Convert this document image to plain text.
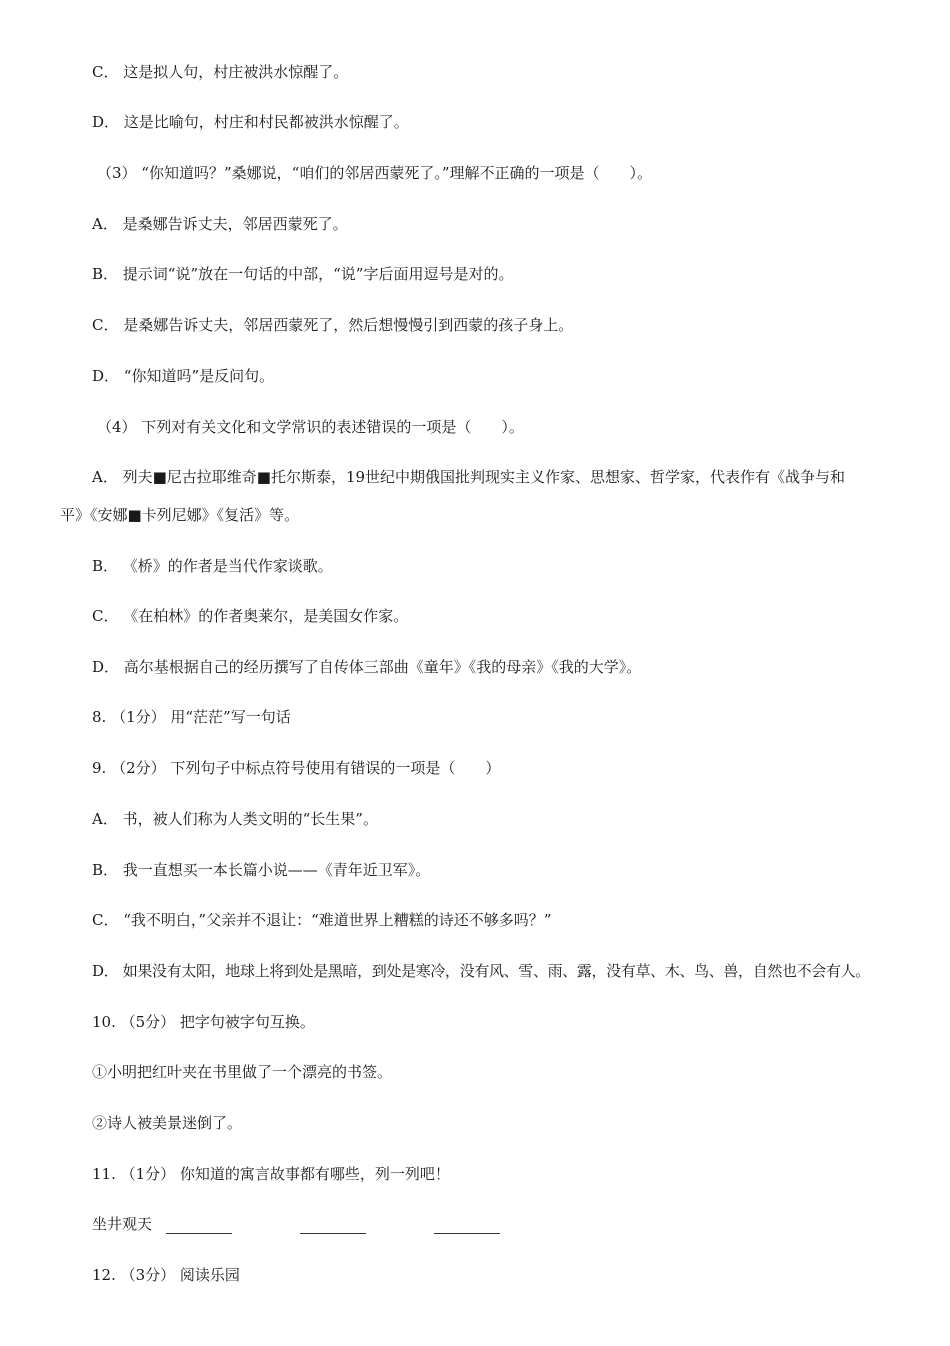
C． 这是拟人句，村庄被洪水惊醒了。
D． 这是比喻句，村庄和村民都被洪水惊醒了。
（3） “你知道吗？”桑娜说，“咱们的邻居西蒙死了。”理解不正确的一项是（　　）。
A． 是桑娜告诉丈夫，邻居西蒙死了。
B． 提示词“说”放在一句话的中部，“说”字后面用逗号是对的。
C． 是桑娜告诉丈夫，邻居西蒙死了，然后想慢慢引到西蒙的孩子身上。
D． “你知道吗”是反问句。
（4） 下列对有关文化和文学常识的表述错误的一项是（　　）。
A． 列夫■尼古拉耶维奇■托尔斯泰，19世纪中期俄国批判现实主义作家、思想家、哲学家，代表作有《战争与和
平》《安娜■卡列尼娜》《复活》等。
B． 《桥》的作者是当代作家谈歌。
C． 《在柏林》的作者奥莱尔，是美国女作家。
D． 高尔基根据自己的经历撰写了自传体三部曲《童年》《我的母亲》《我的大学》。
8. （1分） 用“茫茫”写一句话
9. （2分） 下列句子中标点符号使用有错误的一项是（　　）
A． 书，被人们称为人类文明的“长生果”。
B． 我一直想买一本长篇小说——《青年近卫军》。
C． “我不明白，”父亲并不退让：“难道世界上糟糕的诗还不够多吗？”
D． 如果没有太阳，地球上将到处是黑暗，到处是寒冷，没有风、雪、雨、露，没有草、木、鸟、兽，自然也不会有人。
10. （5分） 把字句被字句互换。
①小明把红叶夹在书里做了一个漂亮的书签。
②诗人被美景迷倒了。
11. （1分） 你知道的寓言故事都有哪些，列一列吧！
坐井观天
12. （3分） 阅读乐园
